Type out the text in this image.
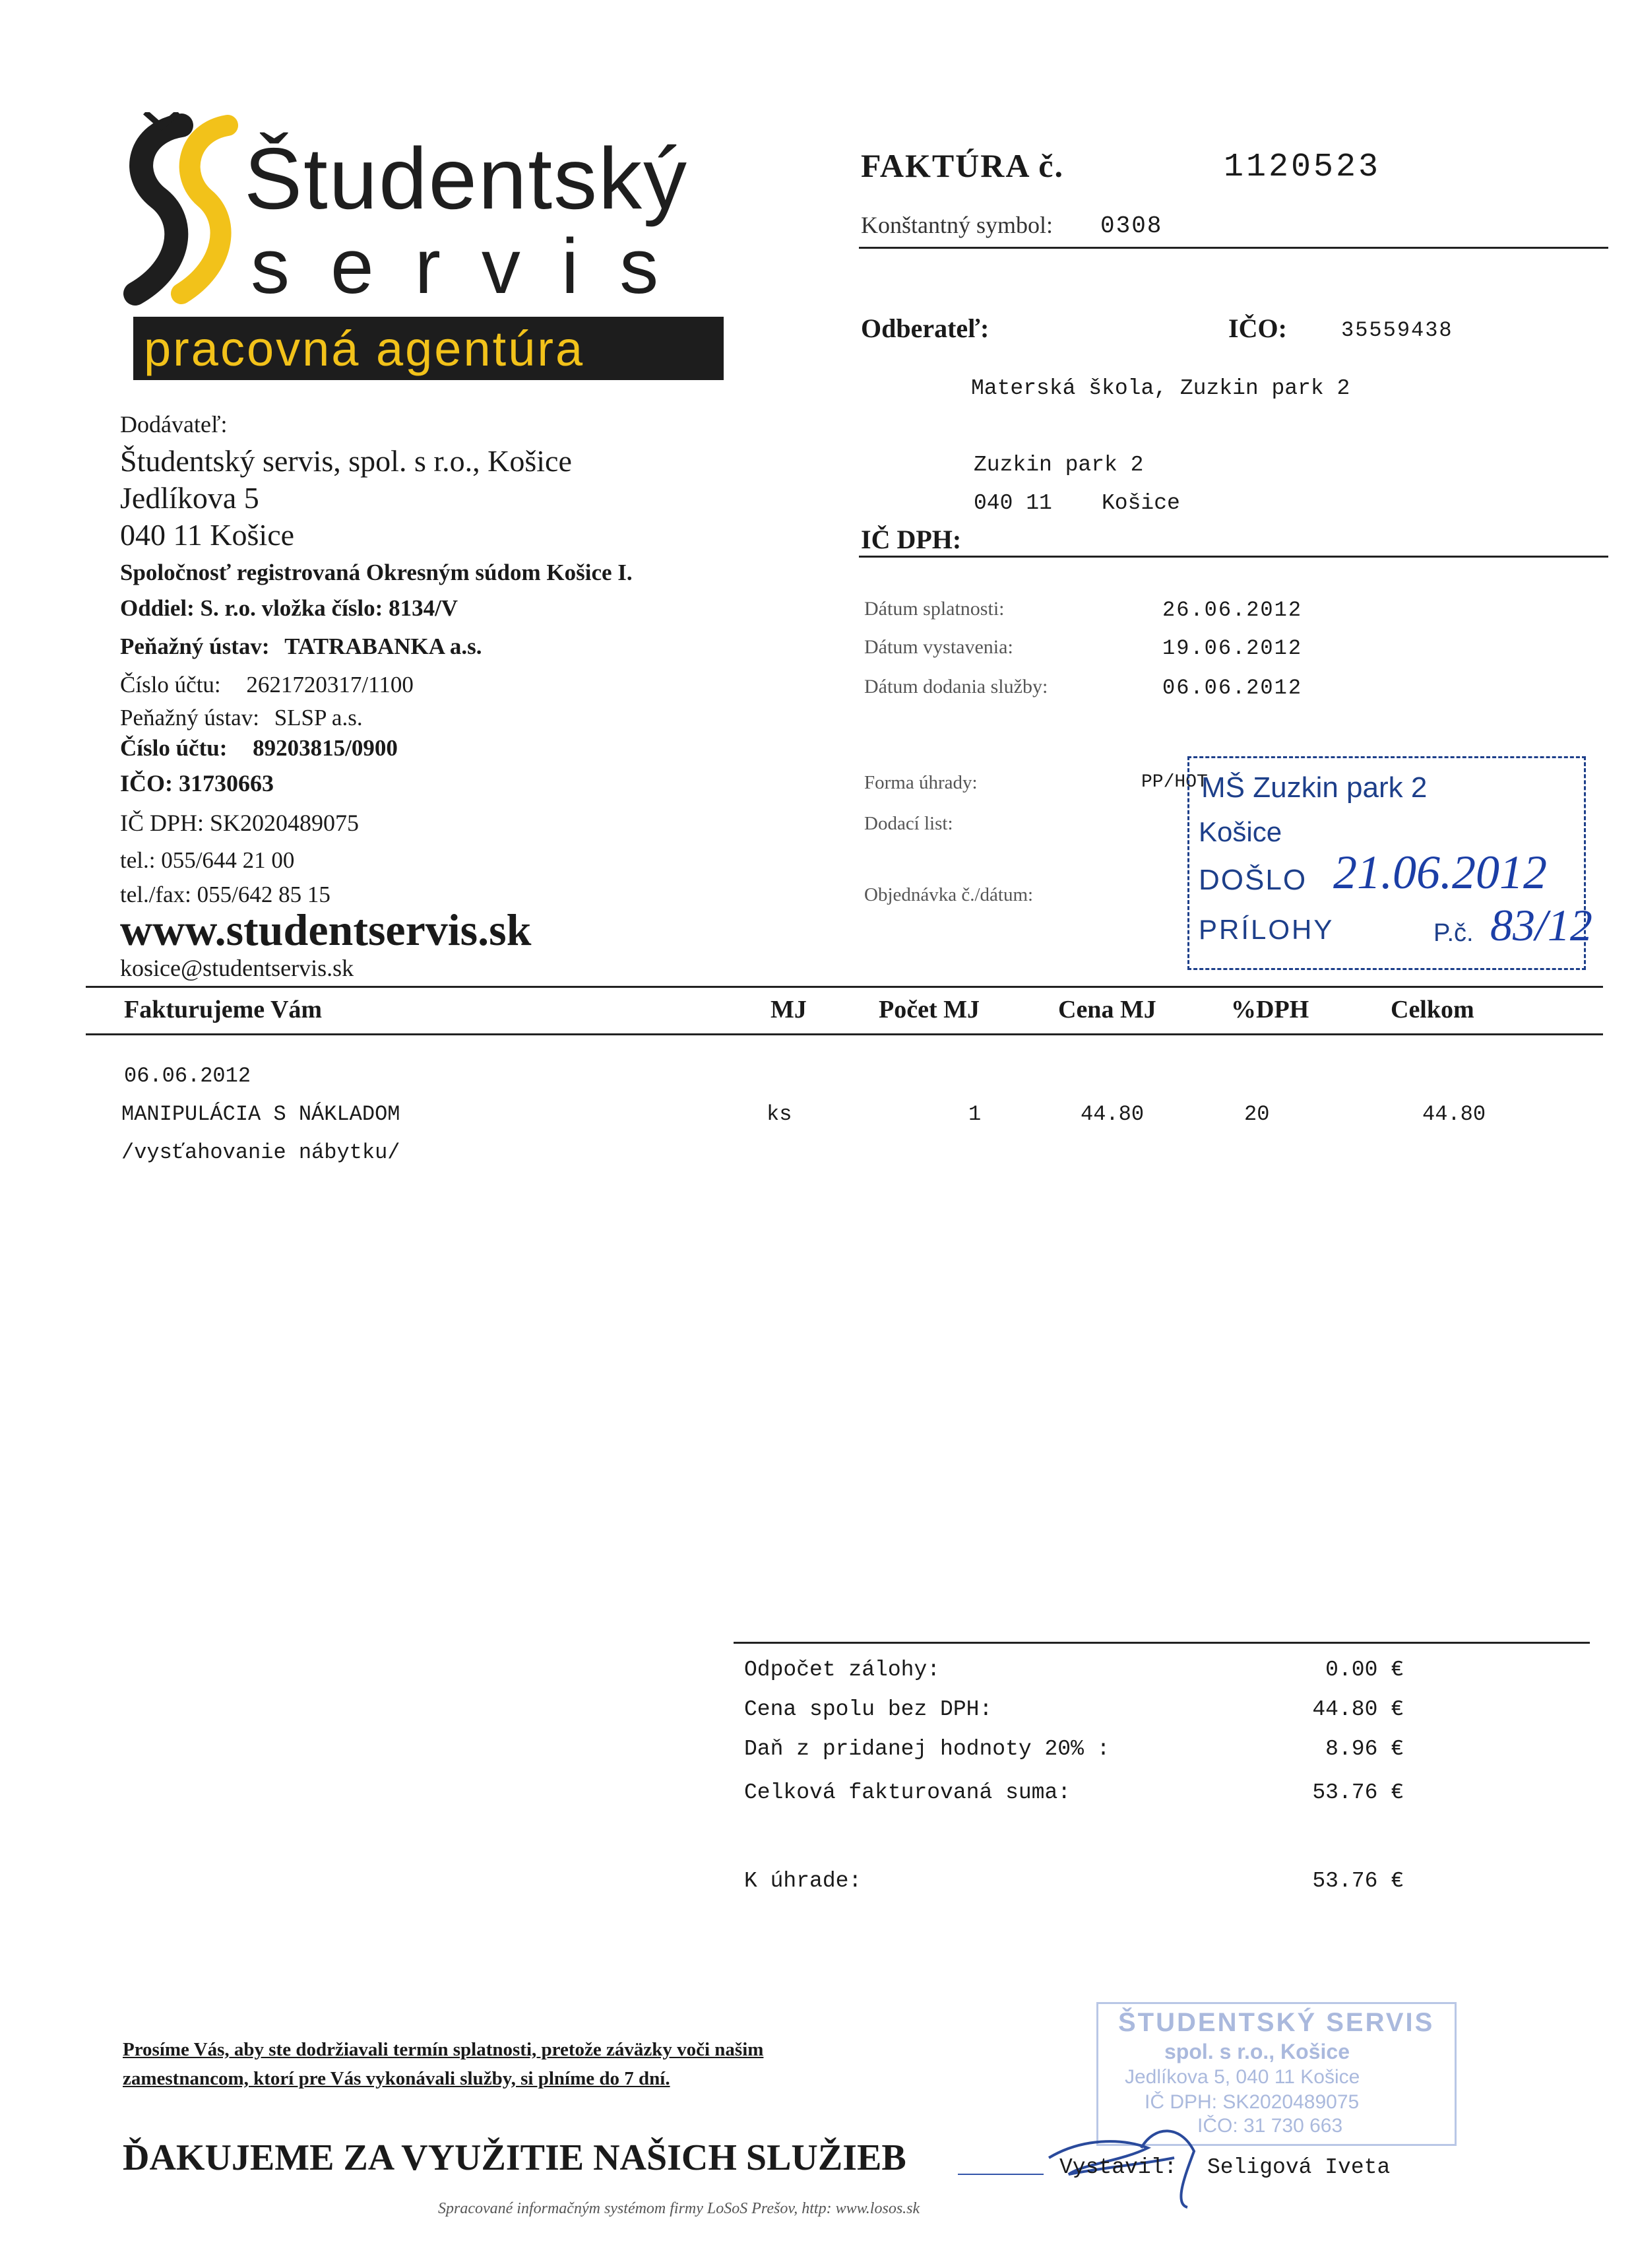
Študentský
servis
pracovná agentúra
Dodávateľ:
Študentský servis, spol. s r.o., Košice
Jedlíkova 5
040 11 Košice
Spoločnosť registrovaná Okresným súdom Košice I.
Oddiel: S. r.o. vložka číslo: 8134/V
Peňažný ústav: TATRABANKA a.s.
Číslo účtu: 2621720317/1100
Peňažný ústav: SLSP a.s.
Číslo účtu: 89203815/0900
IČO: 31730663
IČ DPH: SK2020489075
tel.: 055/644 21 00
tel./fax: 055/642 85 15
www.studentservis.sk
kosice@studentservis.sk
FAKTÚRA č.	1120523
Konštantný symbol: 0308
Odberateľ:	IČO:	35559438
Materská škola, Zuzkin park 2
Zuzkin park 2
040 11 Košice
IČ DPH:
Dátum splatnosti:	26.06.2012
Dátum vystavenia:	19.06.2012
Dátum dodania služby:	06.06.2012
Forma úhrady:	PP/HOT
Dodací list:
Objednávka č./dátum:
MŠ Zuzkin park 2
Košice
DOŠLO 21.06.2012
PRÍLOHY	P.č. 83/12
Fakturujeme Vám	MJ	Počet MJ	Cena MJ	%DPH	Celkom
06.06.2012
MANIPULÁCIA S NÁKLADOM
/vysťahovanie nábytku/
ks	1	44.80	20	44.80
Odpočet zálohy:	0.00 €
Cena spolu bez DPH:	44.80 €
Daň z pridanej hodnoty 20% :	8.96 €
Celková fakturovaná suma:	53.76 €
K úhrade:	53.76 €
Prosíme Vás, aby ste dodržiavali termín splatnosti, pretože záväzky voči našim
zamestnancom, ktorí pre Vás vykonávali služby, si plníme do 7 dní.
ŠTUDENTSKÝ SERVIS
spol. s r.o., Košice
Jedlíkova 5, 040 11 Košice
IČ DPH: SK2020489075
IČO: 31 730 663
ĎAKUJEME ZA VYUŽITIE NAŠICH SLUŽIEB	Vystavil: Seligová Iveta
Spracované informačným systémom firmy LoSoS Prešov, http: www.losos.sk
